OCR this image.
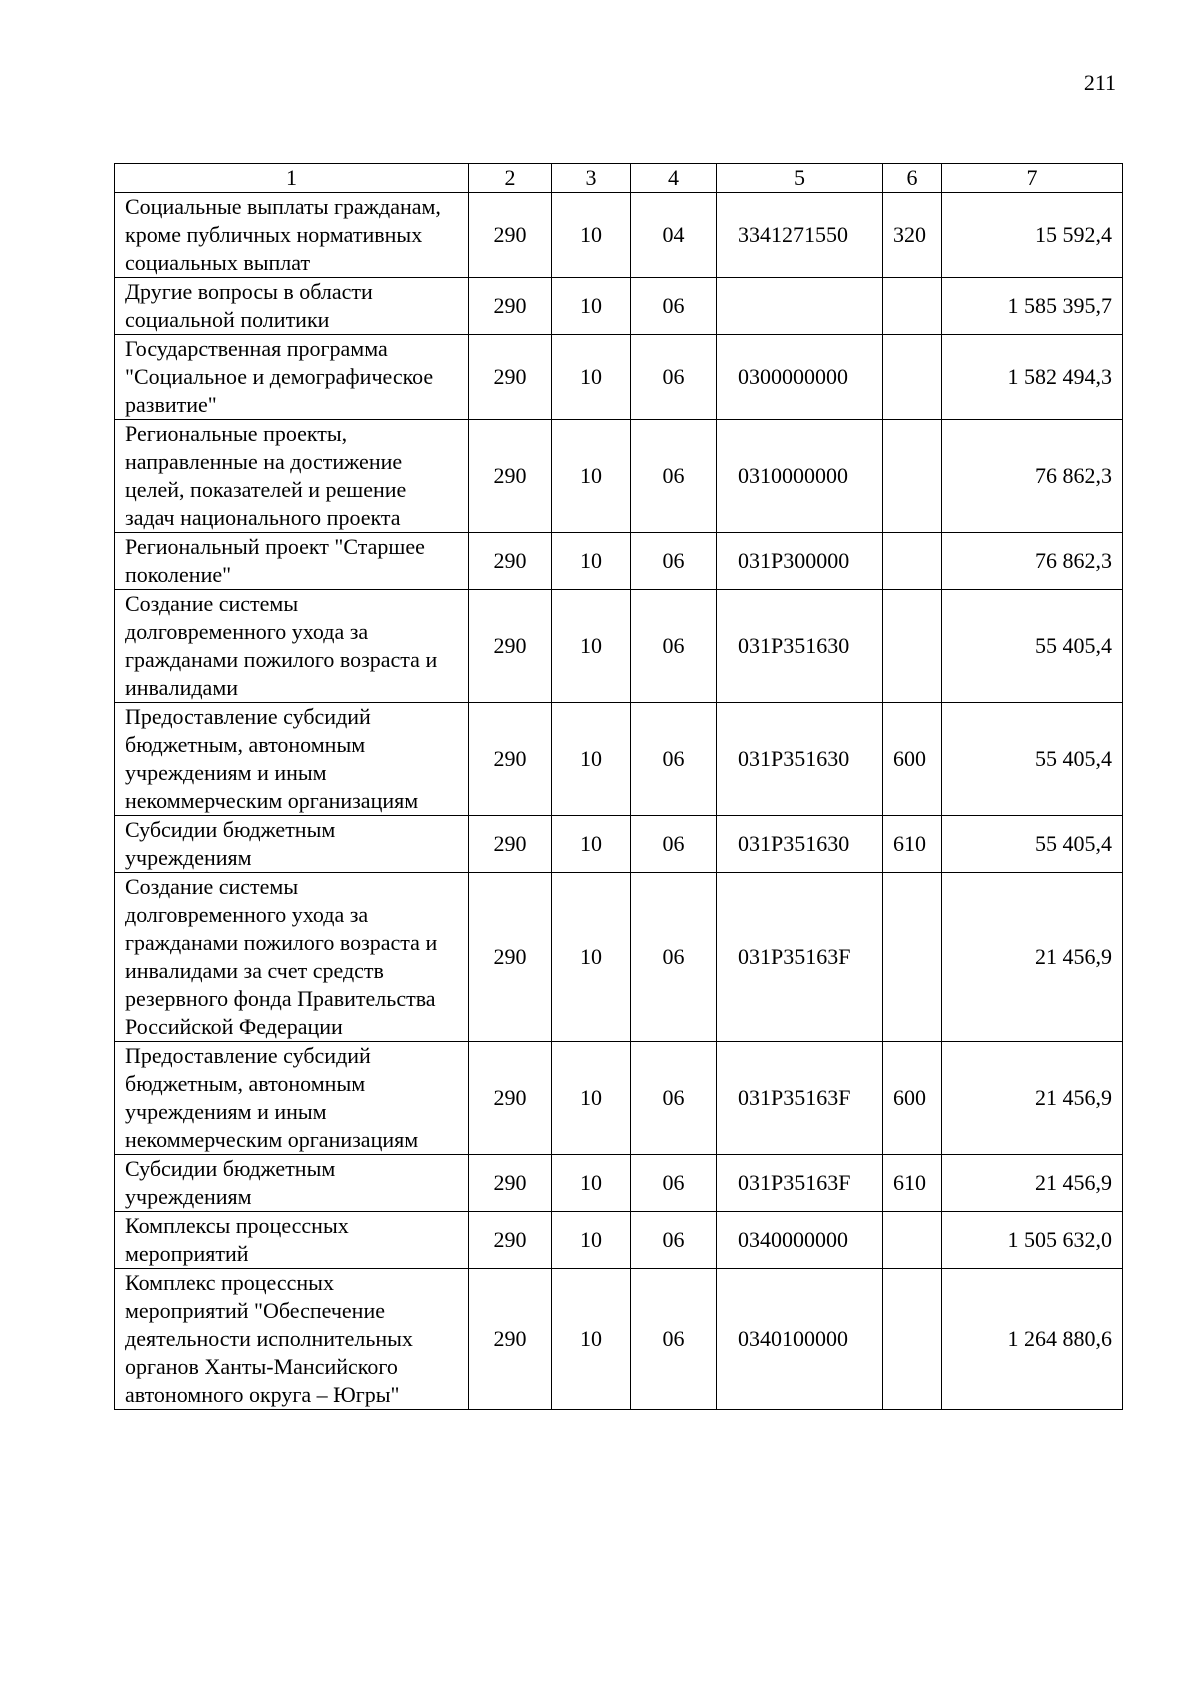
211
1	2	3	4	5	6	7
Социальные выплаты гражданам, кроме публичных нормативных социальных выплат	290	10	04	3341271550	320	15 592,4
Другие вопросы в области социальной политики	290	10	06			1 585 395,7
Государственная программа "Социальное и демографическое развитие"	290	10	06	0300000000		1 582 494,3
Региональные проекты, направленные на достижение целей, показателей и решение задач национального проекта	290	10	06	0310000000		76 862,3
Региональный проект "Старшее поколение"	290	10	06	031P300000		76 862,3
Создание системы долговременного ухода за гражданами пожилого возраста и инвалидами	290	10	06	031P351630		55 405,4
Предоставление субсидий бюджетным, автономным учреждениям и иным некоммерческим организациям	290	10	06	031P351630	600	55 405,4
Субсидии бюджетным учреждениям	290	10	06	031P351630	610	55 405,4
Создание системы долговременного ухода за гражданами пожилого возраста и инвалидами за счет средств резервного фонда Правительства Российской Федерации	290	10	06	031P35163F		21 456,9
Предоставление субсидий бюджетным, автономным учреждениям и иным некоммерческим организациям	290	10	06	031P35163F	600	21 456,9
Субсидии бюджетным учреждениям	290	10	06	031P35163F	610	21 456,9
Комплексы процессных мероприятий	290	10	06	0340000000		1 505 632,0
Комплекс процессных мероприятий "Обеспечение деятельности исполнительных органов Ханты-Мансийского автономного округа – Югры"	290	10	06	0340100000		1 264 880,6
